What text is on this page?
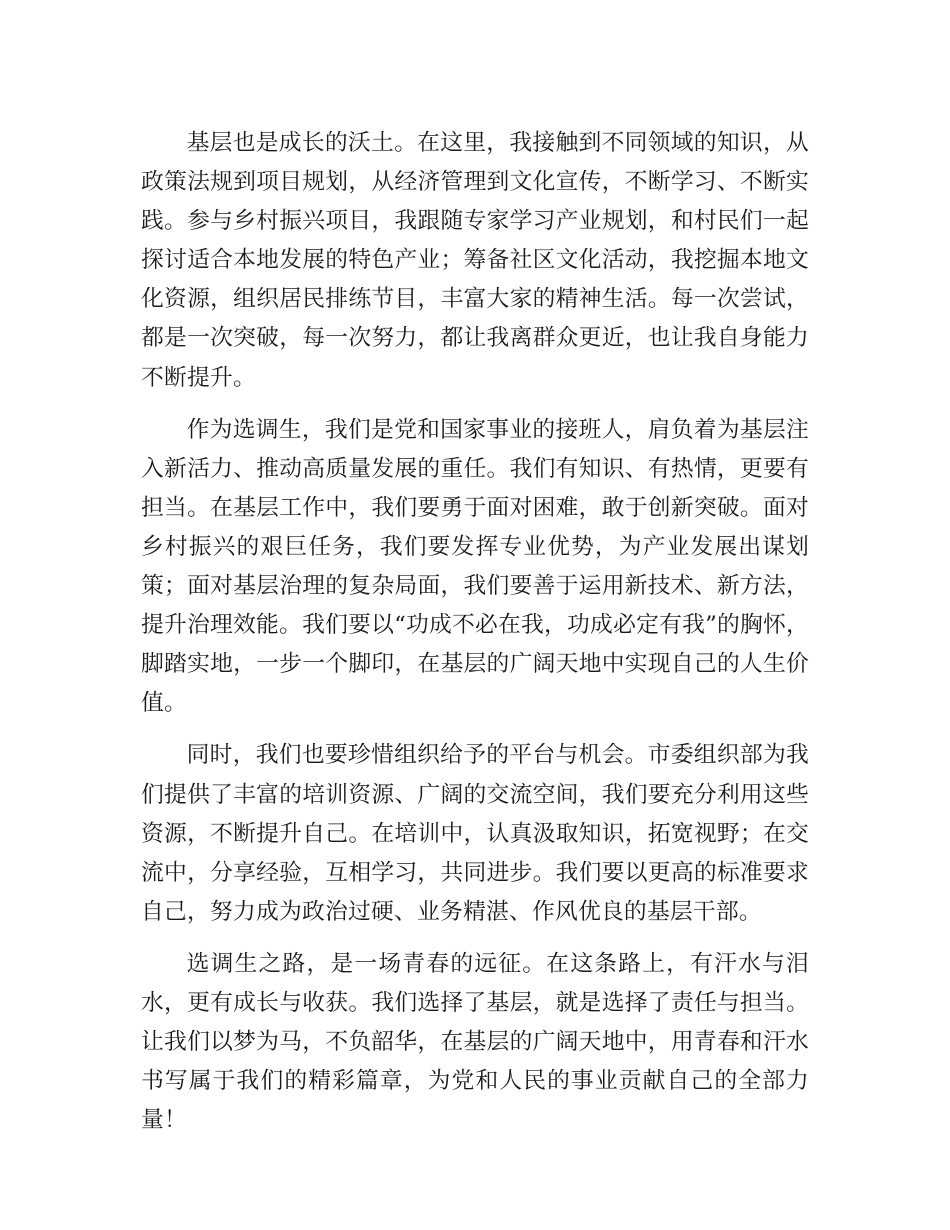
基层也是成长的沃土。在这里，我接触到不同领域的知识，从政策法规到项目规划，从经济管理到文化宣传，不断学习、不断实践。参与乡村振兴项目，我跟随专家学习产业规划，和村民们一起探讨适合本地发展的特色产业；筹备社区文化活动，我挖掘本地文化资源，组织居民排练节目，丰富大家的精神生活。每一次尝试，都是一次突破，每一次努力，都让我离群众更近，也让我自身能力不断提升。

作为选调生，我们是党和国家事业的接班人，肩负着为基层注入新活力、推动高质量发展的重任。我们有知识、有热情，更要有担当。在基层工作中，我们要勇于面对困难，敢于创新突破。面对乡村振兴的艰巨任务，我们要发挥专业优势，为产业发展出谋划策；面对基层治理的复杂局面，我们要善于运用新技术、新方法，提升治理效能。我们要以“功成不必在我，功成必定有我”的胸怀，脚踏实地，一步一个脚印，在基层的广阔天地中实现自己的人生价值。

同时，我们也要珍惜组织给予的平台与机会。市委组织部为我们提供了丰富的培训资源、广阔的交流空间，我们要充分利用这些资源，不断提升自己。在培训中，认真汲取知识，拓宽视野；在交流中，分享经验，互相学习，共同进步。我们要以更高的标准要求自己，努力成为政治过硬、业务精湛、作风优良的基层干部。

选调生之路，是一场青春的远征。在这条路上，有汗水与泪水，更有成长与收获。我们选择了基层，就是选择了责任与担当。让我们以梦为马，不负韶华，在基层的广阔天地中，用青春和汗水书写属于我们的精彩篇章，为党和人民的事业贡献自己的全部力量！
